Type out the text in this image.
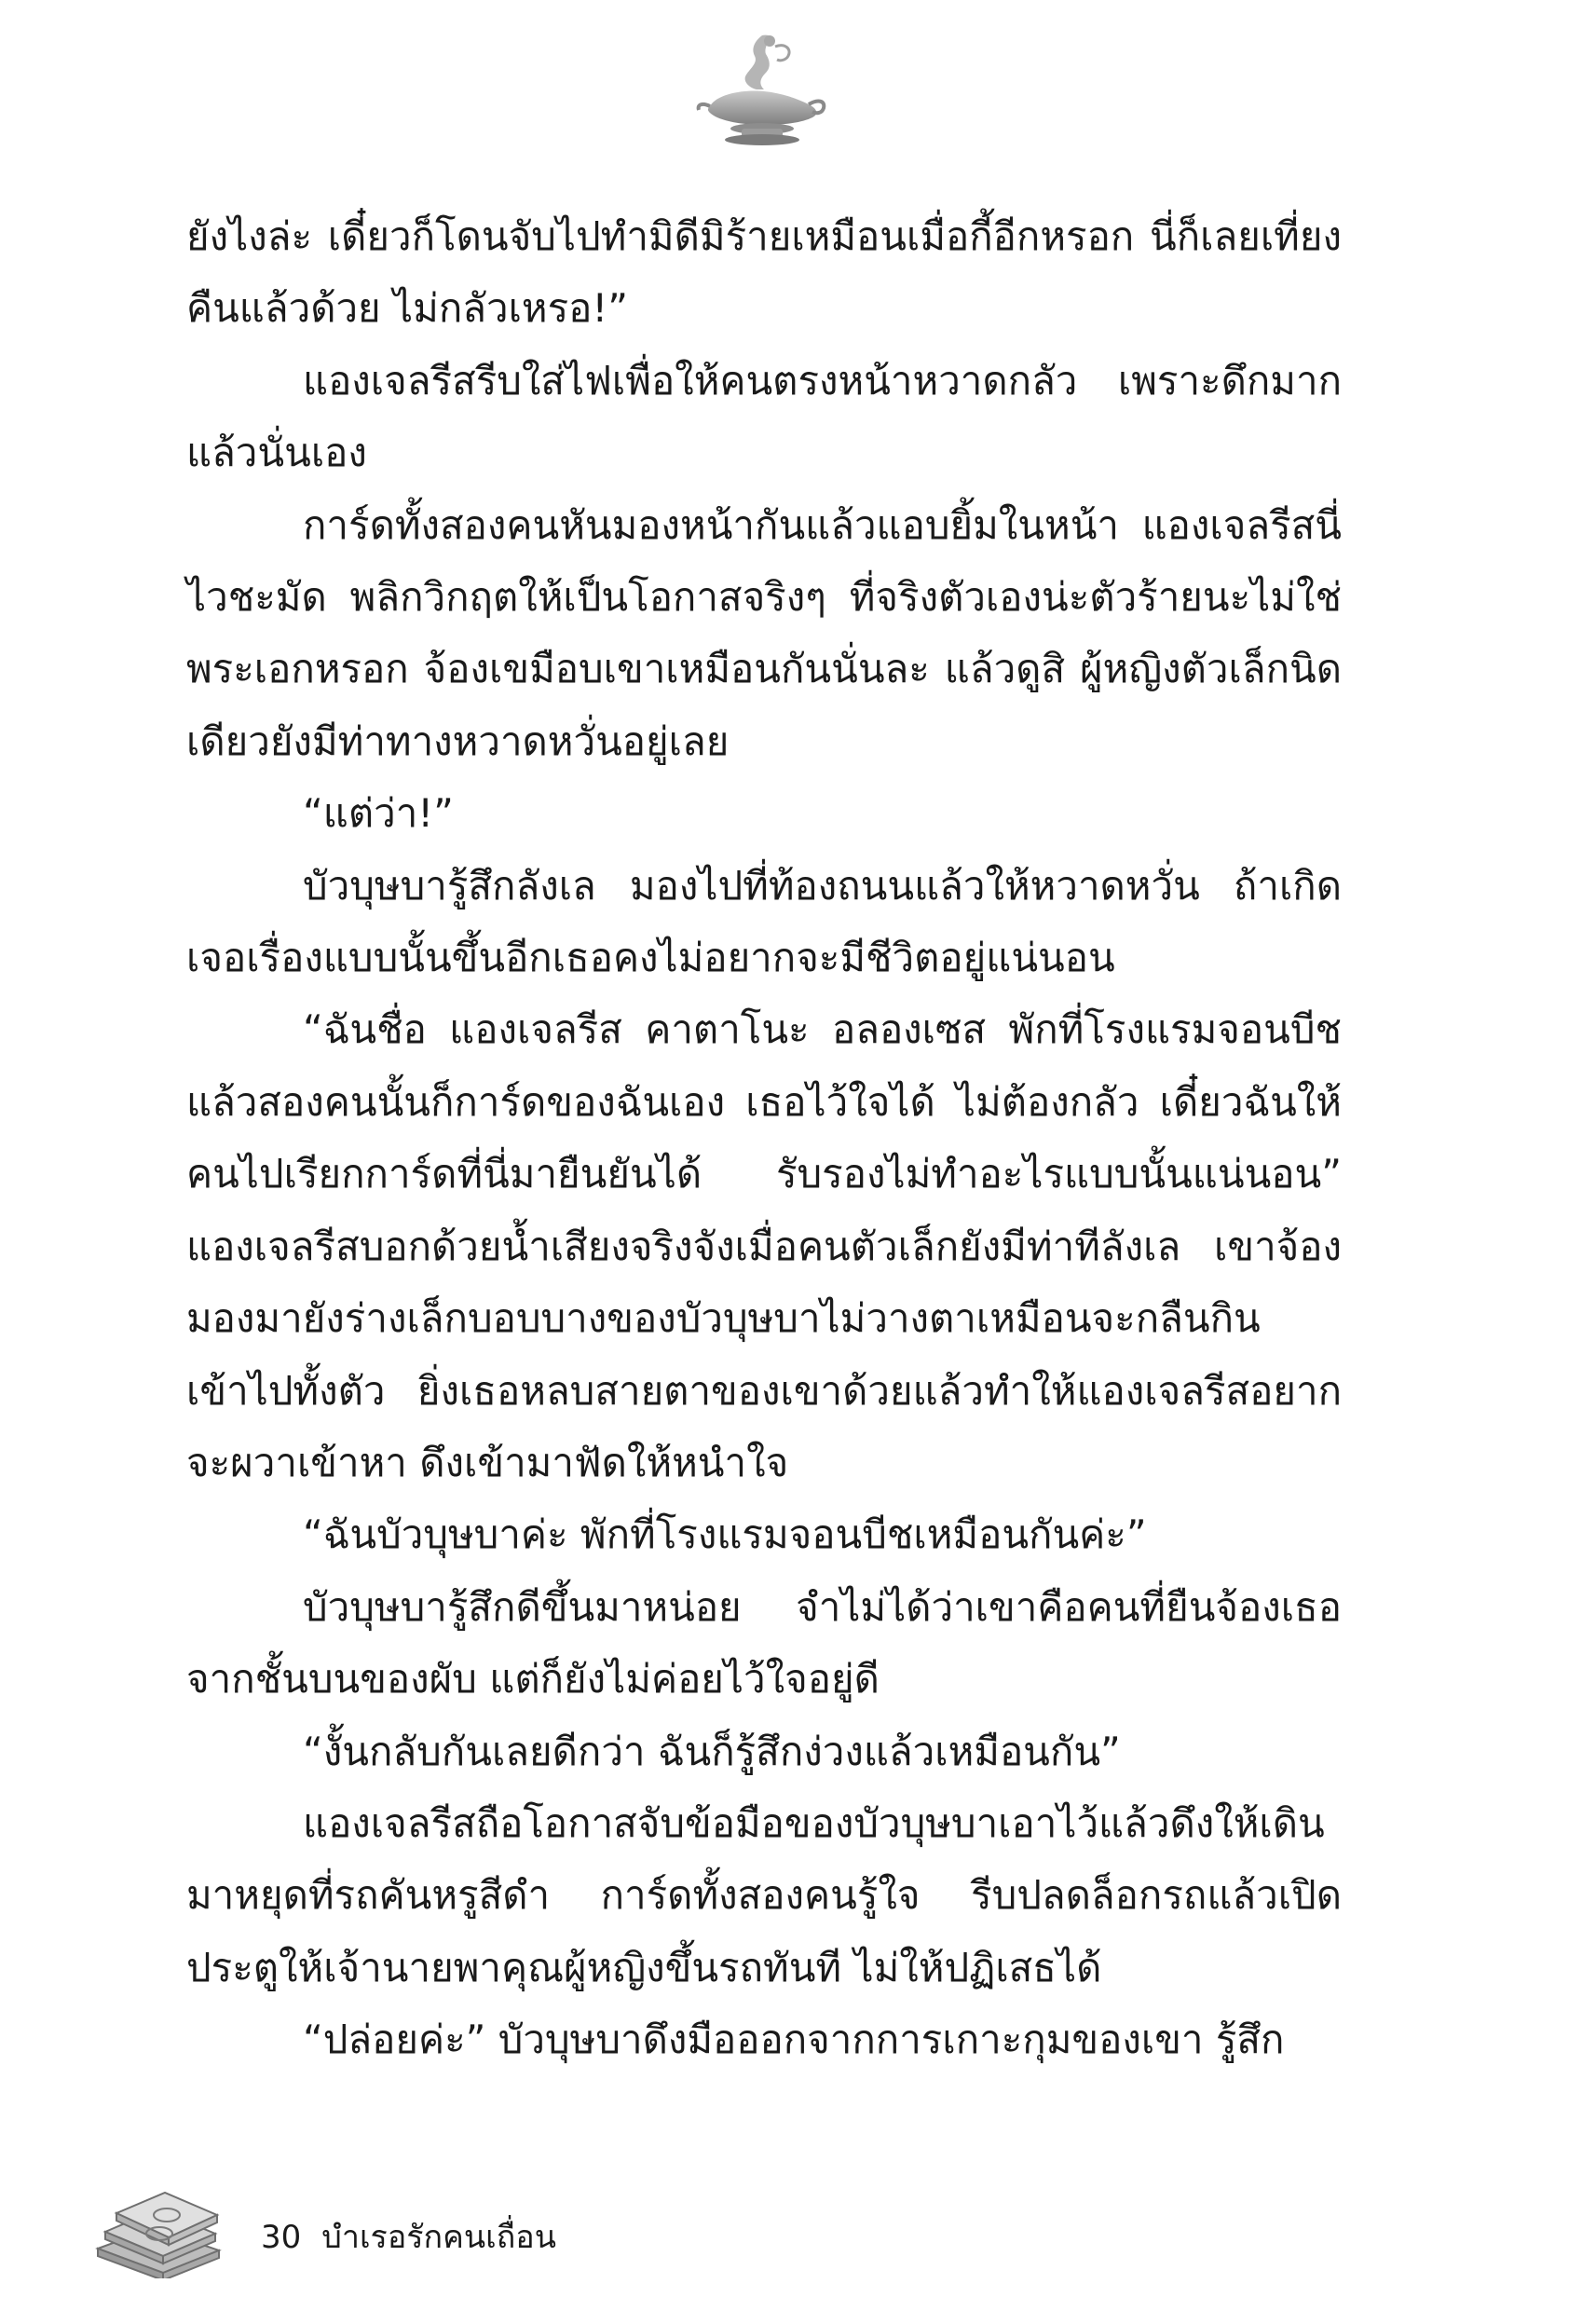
ยังไงล่ะ เดี๋ยวก็โดนจับไปทำมิดีมิร้ายเหมือนเมื่อกี้อีกหรอก นี่ก็เลยเที่ยงคืนแล้วด้วย ไม่กลัวเหรอ!”

แองเจลรีสรีบใส่ไฟเพื่อให้คนตรงหน้าหวาดกลัว เพราะดึกมากแล้วนั่นเอง

การ์ดทั้งสองคนหันมองหน้ากันแล้วแอบยิ้มในหน้า แองเจลรีสนี่ไวชะมัด พลิกวิกฤตให้เป็นโอกาสจริงๆ ที่จริงตัวเองน่ะตัวร้ายนะไม่ใช่พระเอกหรอก จ้องเขมือบเขาเหมือนกันนั่นละ แล้วดูสิ ผู้หญิงตัวเล็กนิดเดียวยังมีท่าทางหวาดหวั่นอยู่เลย

“แต่ว่า!”

บัวบุษบารู้สึกลังเล มองไปที่ท้องถนนแล้วให้หวาดหวั่น ถ้าเกิดเจอเรื่องแบบนั้นขึ้นอีกเธอคงไม่อยากจะมีชีวิตอยู่แน่นอน

“ฉันชื่อ แองเจลรีส คาตาโนะ อลองเซส พักที่โรงแรมจอนบีช แล้วสองคนนั้นก็การ์ดของฉันเอง เธอไว้ใจได้ ไม่ต้องกลัว เดี๋ยวฉันให้คนไปเรียกการ์ดที่นี่มายืนยันได้ รับรองไม่ทำอะไรแบบนั้นแน่นอน” แองเจลรีสบอกด้วยน้ำเสียงจริงจังเมื่อคนตัวเล็กยังมีท่าทีลังเล เขาจ้องมองมายังร่างเล็กบอบบางของบัวบุษบาไม่วางตาเหมือนจะกลืนกินเข้าไปทั้งตัว ยิ่งเธอหลบสายตาของเขาด้วยแล้วทำให้แองเจลรีสอยากจะผวาเข้าหา ดึงเข้ามาฟัดให้หนำใจ

“ฉันบัวบุษบาค่ะ พักที่โรงแรมจอนบีชเหมือนกันค่ะ”

บัวบุษบารู้สึกดีขึ้นมาหน่อย จำไม่ได้ว่าเขาคือคนที่ยืนจ้องเธอจากชั้นบนของผับ แต่ก็ยังไม่ค่อยไว้ใจอยู่ดี

“งั้นกลับกันเลยดีกว่า ฉันก็รู้สึกง่วงแล้วเหมือนกัน”

แองเจลรีสถือโอกาสจับข้อมือของบัวบุษบาเอาไว้แล้วดึงให้เดินมาหยุดที่รถคันหรูสีดำ การ์ดทั้งสองคนรู้ใจ รีบปลดล็อกรถแล้วเปิดประตูให้เจ้านายพาคุณผู้หญิงขึ้นรถทันที ไม่ให้ปฏิเสธได้

“ปล่อยค่ะ” บัวบุษบาดึงมือออกจากการเกาะกุมของเขา รู้สึก

30 บำเรอรักคนเถื่อน
